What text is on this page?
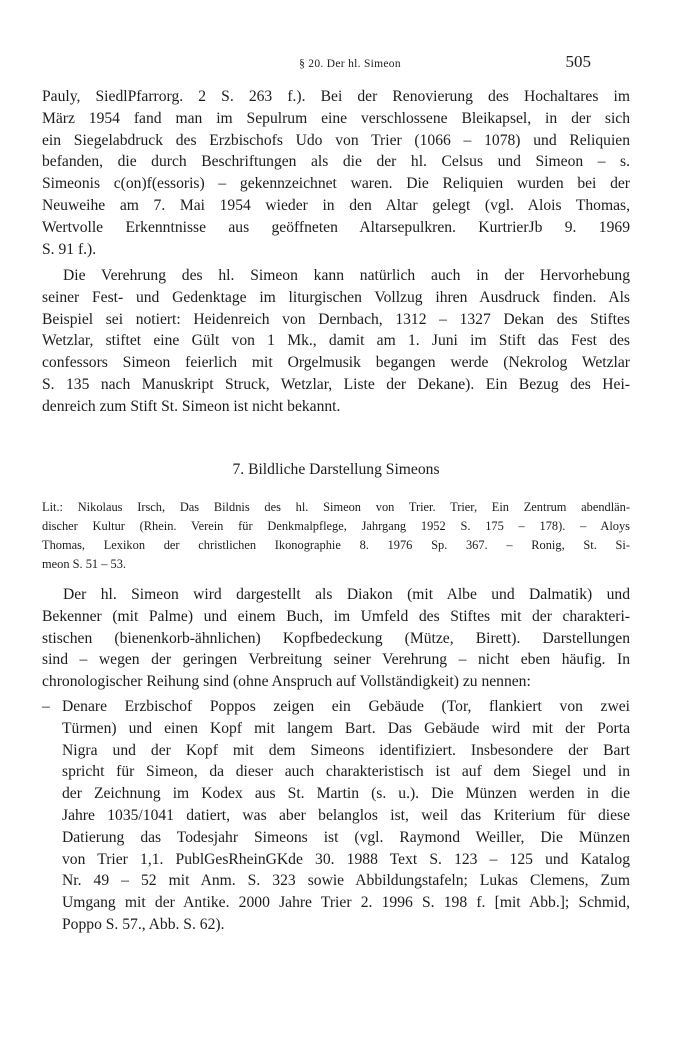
§ 20. Der hl. Simeon	505
Pauly, SiedlPfarrorg. 2 S. 263 f.). Bei der Renovierung des Hochaltares im
März 1954 fand man im Sepulrum eine verschlossene Bleikapsel, in der sich
ein Siegelabdruck des Erzbischofs Udo von Trier (1066 – 1078) und Reliquien
befanden, die durch Beschriftungen als die der hl. Celsus und Simeon – s.
Simeonis c(on)f(essoris) – gekennzeichnet waren. Die Reliquien wurden bei der
Neuweihe am 7. Mai 1954 wieder in den Altar gelegt (vgl. Alois Thomas,
Wertvolle Erkenntnisse aus geöffneten Altarsepulkren. KurtrierJb 9. 1969
S. 91 f.).
Die Verehrung des hl. Simeon kann natürlich auch in der Hervorhebung
seiner Fest- und Gedenktage im liturgischen Vollzug ihren Ausdruck finden. Als
Beispiel sei notiert: Heidenreich von Dernbach, 1312 – 1327 Dekan des Stiftes
Wetzlar, stiftet eine Gült von 1 Mk., damit am 1. Juni im Stift das Fest des
confessors Simeon feierlich mit Orgelmusik begangen werde (Nekrolog Wetzlar
S. 135 nach Manuskript Struck, Wetzlar, Liste der Dekane). Ein Bezug des Hei-
denreich zum Stift St. Simeon ist nicht bekannt.
7. Bildliche Darstellung Simeons
Lit.: Nikolaus Irsch, Das Bildnis des hl. Simeon von Trier. Trier, Ein Zentrum abendlän-
discher Kultur (Rhein. Verein für Denkmalpflege, Jahrgang 1952 S. 175 – 178). – Aloys
Thomas, Lexikon der christlichen Ikonographie 8. 1976 Sp. 367. – Ronig, St. Si-
meon S. 51 – 53.
Der hl. Simeon wird dargestellt als Diakon (mit Albe und Dalmatik) und
Bekenner (mit Palme) und einem Buch, im Umfeld des Stiftes mit der charakteri-
stischen (bienenkorb-ähnlichen) Kopfbedeckung (Mütze, Birett). Darstellungen
sind – wegen der geringen Verbreitung seiner Verehrung – nicht eben häufig. In
chronologischer Reihung sind (ohne Anspruch auf Vollständigkeit) zu nennen:
– Denare Erzbischof Poppos zeigen ein Gebäude (Tor, flankiert von zwei
Türmen) und einen Kopf mit langem Bart. Das Gebäude wird mit der Porta
Nigra und der Kopf mit dem Simeons identifiziert. Insbesondere der Bart
spricht für Simeon, da dieser auch charakteristisch ist auf dem Siegel und in
der Zeichnung im Kodex aus St. Martin (s. u.). Die Münzen werden in die
Jahre 1035/1041 datiert, was aber belanglos ist, weil das Kriterium für diese
Datierung das Todesjahr Simeons ist (vgl. Raymond Weiller, Die Münzen
von Trier 1,1. PublGesRheinGKde 30. 1988 Text S. 123 – 125 und Katalog
Nr. 49 – 52 mit Anm. S. 323 sowie Abbildungstafeln; Lukas Clemens, Zum
Umgang mit der Antike. 2000 Jahre Trier 2. 1996 S. 198 f. [mit Abb.]; Schmid,
Poppo S. 57., Abb. S. 62).
